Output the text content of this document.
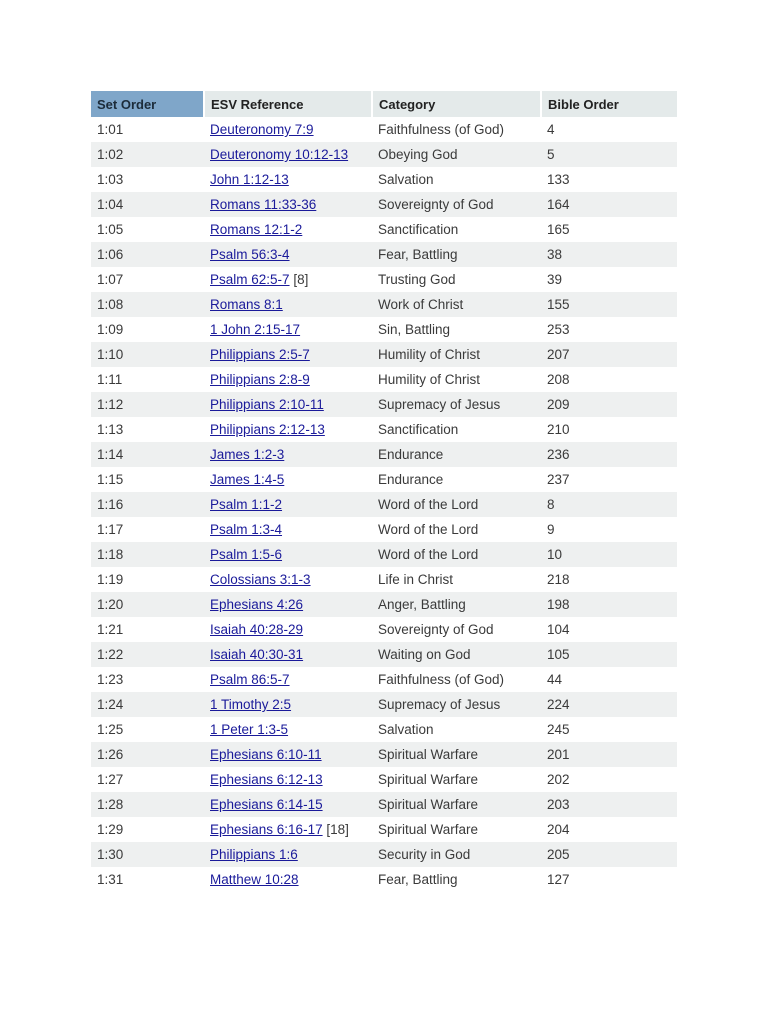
Set Order	ESV Reference	Category	Bible Order
1:01	Deuteronomy 7:9	Faithfulness (of God)	4
1:02	Deuteronomy 10:12-13	Obeying God	5
1:03	John 1:12-13	Salvation	133
1:04	Romans 11:33-36	Sovereignty of God	164
1:05	Romans 12:1-2	Sanctification	165
1:06	Psalm 56:3-4	Fear, Battling	38
1:07	Psalm 62:5-7 [8]	Trusting God	39
1:08	Romans 8:1	Work of Christ	155
1:09	1 John 2:15-17	Sin, Battling	253
1:10	Philippians 2:5-7	Humility of Christ	207
1:11	Philippians 2:8-9	Humility of Christ	208
1:12	Philippians 2:10-11	Supremacy of Jesus	209
1:13	Philippians 2:12-13	Sanctification	210
1:14	James 1:2-3	Endurance	236
1:15	James 1:4-5	Endurance	237
1:16	Psalm 1:1-2	Word of the Lord	8
1:17	Psalm 1:3-4	Word of the Lord	9
1:18	Psalm 1:5-6	Word of the Lord	10
1:19	Colossians 3:1-3	Life in Christ	218
1:20	Ephesians 4:26	Anger, Battling	198
1:21	Isaiah 40:28-29	Sovereignty of God	104
1:22	Isaiah 40:30-31	Waiting on God	105
1:23	Psalm 86:5-7	Faithfulness (of God)	44
1:24	1 Timothy 2:5	Supremacy of Jesus	224
1:25	1 Peter 1:3-5	Salvation	245
1:26	Ephesians 6:10-11	Spiritual Warfare	201
1:27	Ephesians 6:12-13	Spiritual Warfare	202
1:28	Ephesians 6:14-15	Spiritual Warfare	203
1:29	Ephesians 6:16-17 [18]	Spiritual Warfare	204
1:30	Philippians 1:6	Security in God	205
1:31	Matthew 10:28	Fear, Battling	127
